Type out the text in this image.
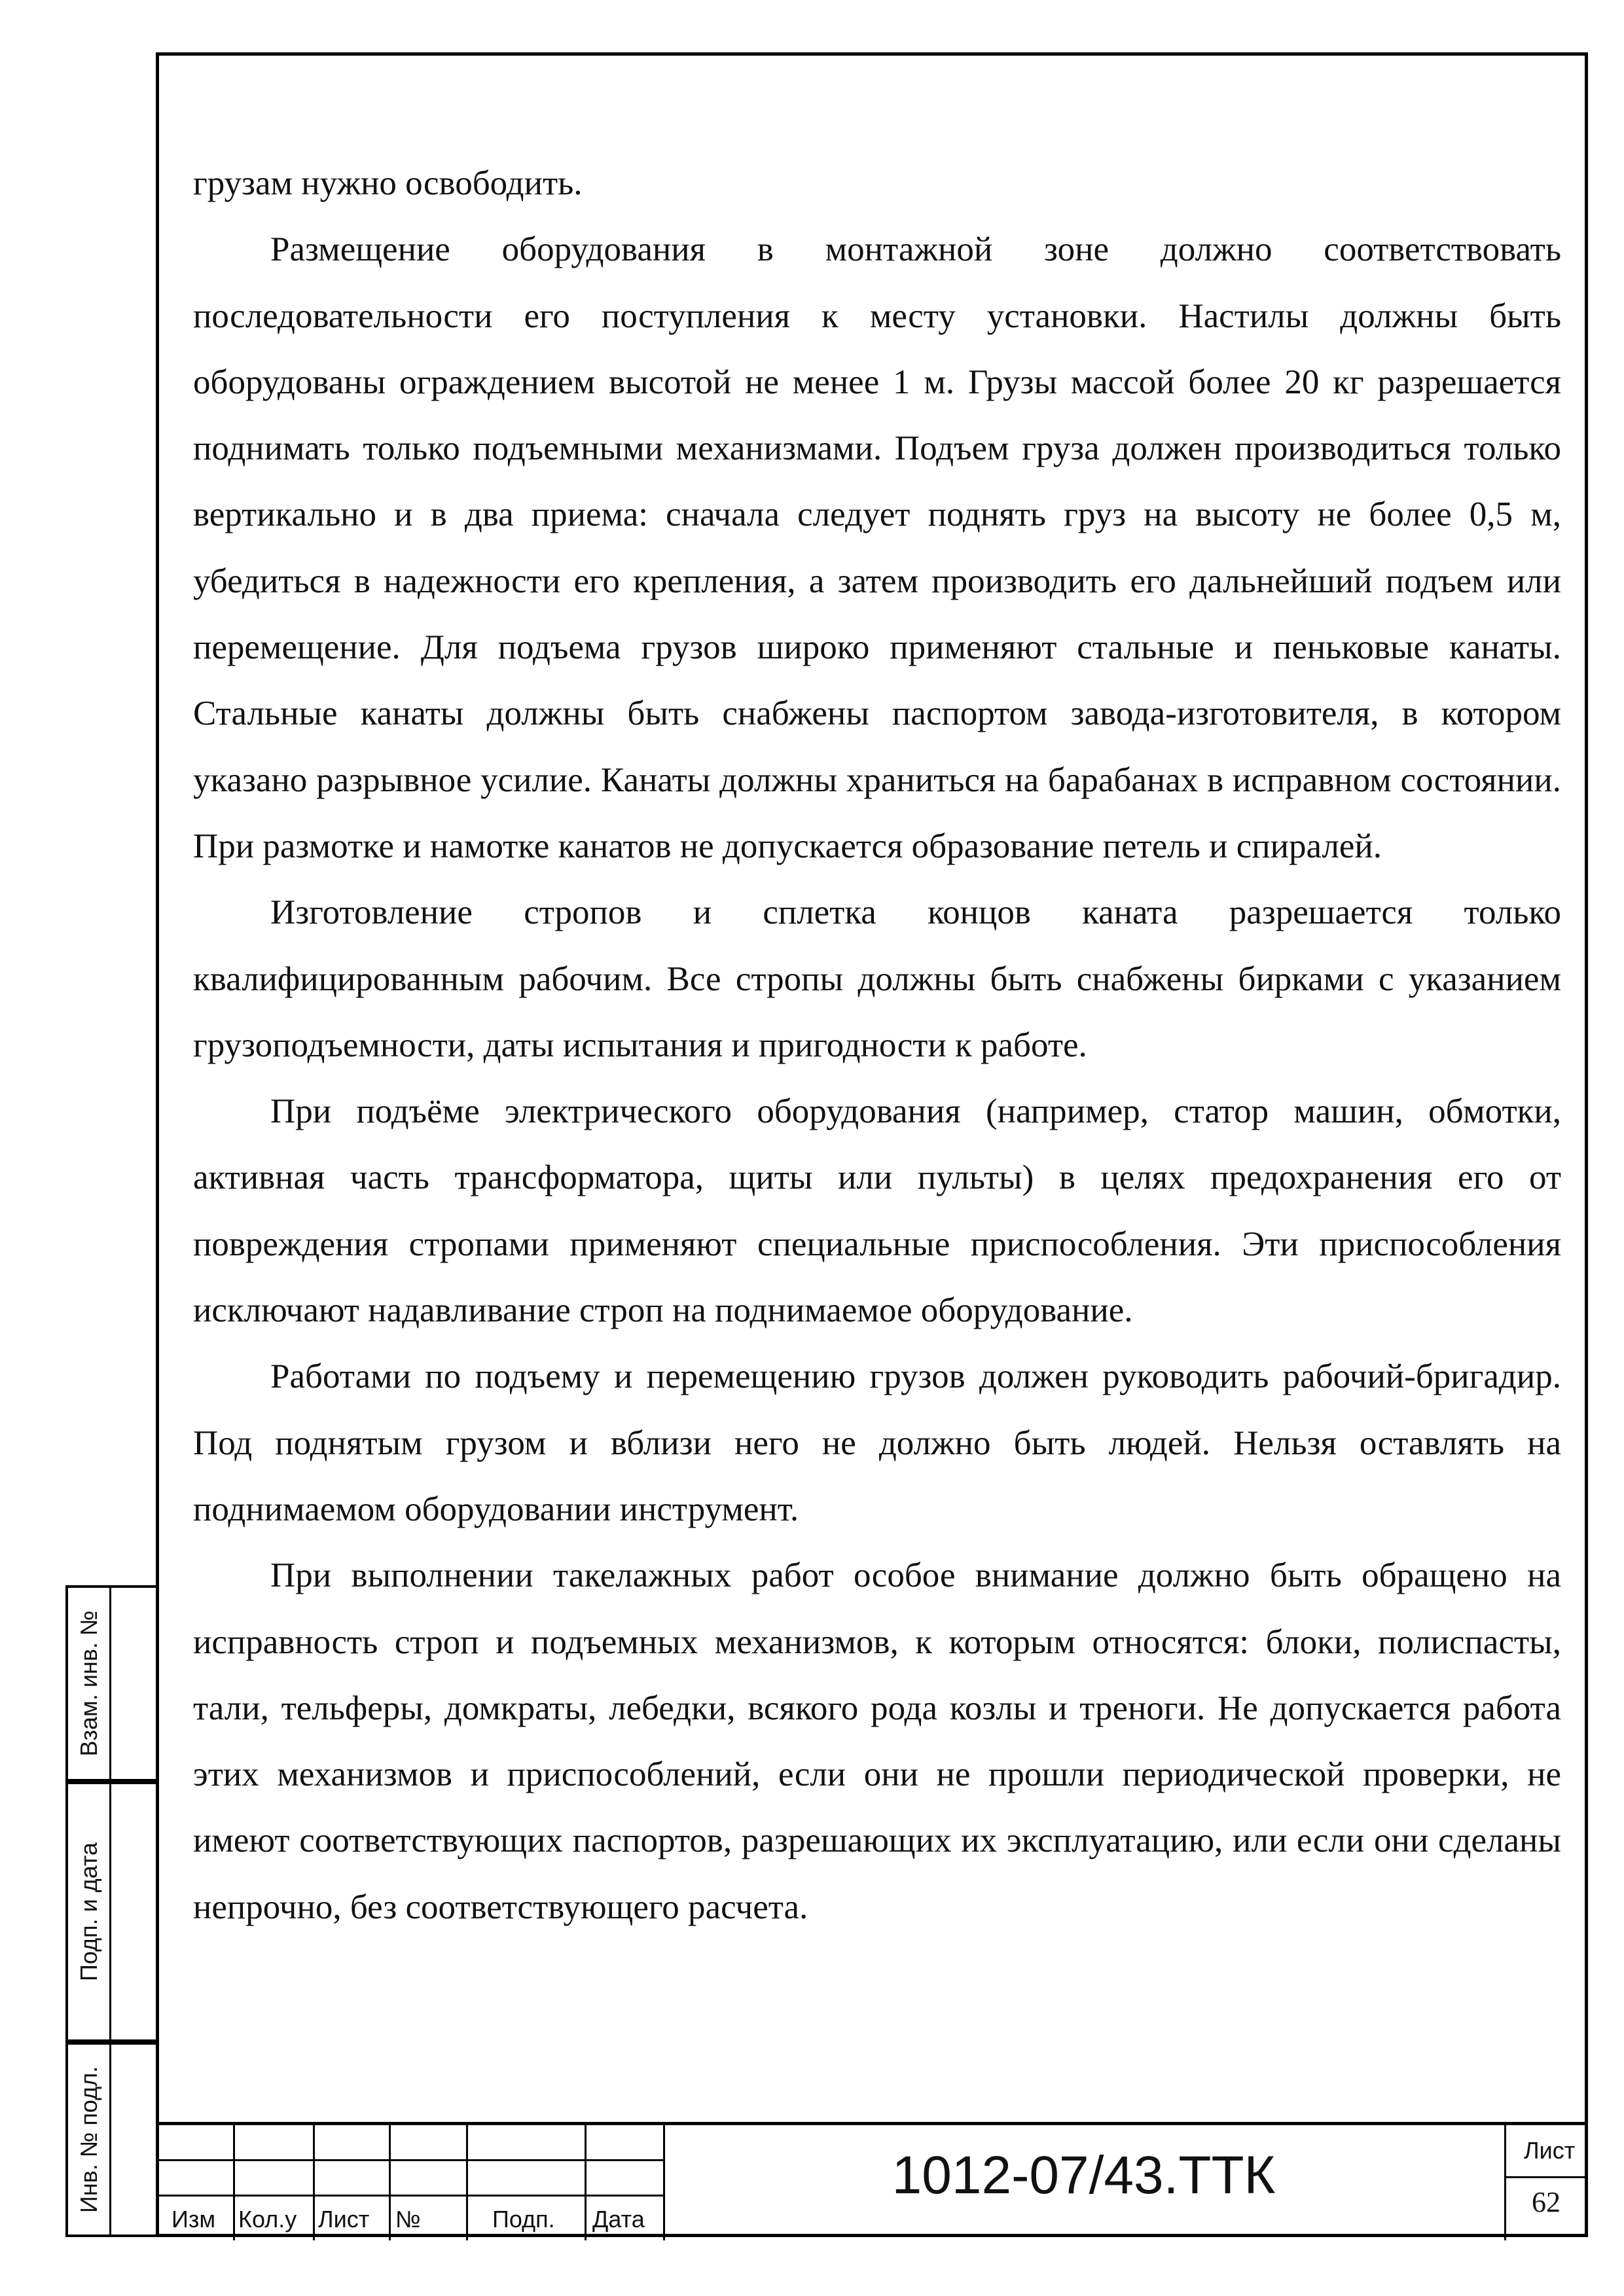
грузам нужно освободить.

Размещение оборудования в монтажной зоне должно соответствовать последовательности его поступления к месту установки. Настилы должны быть оборудованы ограждением высотой не менее 1 м. Грузы массой более 20 кг разрешается поднимать только подъемными механизмами. Подъем груза должен производиться только вертикально и в два приема: сначала следует поднять груз на высоту не более 0,5 м, убедиться в надежности его крепления, а затем производить его дальнейший подъем или перемещение. Для подъема грузов широко применяют стальные и пеньковые канаты. Стальные канаты должны быть снабжены паспортом завода-изготовителя, в котором указано разрывное усилие. Канаты должны храниться на барабанах в исправном состоянии. При размотке и намотке канатов не допускается образование петель и спиралей.

Изготовление стропов и сплетка концов каната разрешается только квалифицированным рабочим. Все стропы должны быть снабжены бирками с указанием грузоподъемности, даты испытания и пригодности к работе.

При подъёме электрического оборудования (например, статор машин, обмотки, активная часть трансформатора, щиты или пульты) в целях предохранения его от повреждения стропами применяют специальные приспособления. Эти приспособления исключают надавливание строп на поднимаемое оборудование.

Работами по подъему и перемещению грузов должен руководить рабочий-бригадир. Под поднятым грузом и вблизи него не должно быть людей. Нельзя оставлять на поднимаемом оборудовании инструмент.

При выполнении такелажных работ особое внимание должно быть обращено на исправность строп и подъемных механизмов, к которым относятся: блоки, полиспасты, тали, тельферы, домкраты, лебедки, всякого рода козлы и треноги. Не допускается работа этих механизмов и приспособлений, если они не прошли периодической проверки, не имеют соответствующих паспортов, разрешающих их эксплуатацию, или если они сделаны непрочно, без соответствующего расчета.

Взам. инв. №
Подп. и дата
Инв. № подл.
Изм Кол.у Лист №	Подп. Дата
1012-07/43.ТТК	Лист
62
